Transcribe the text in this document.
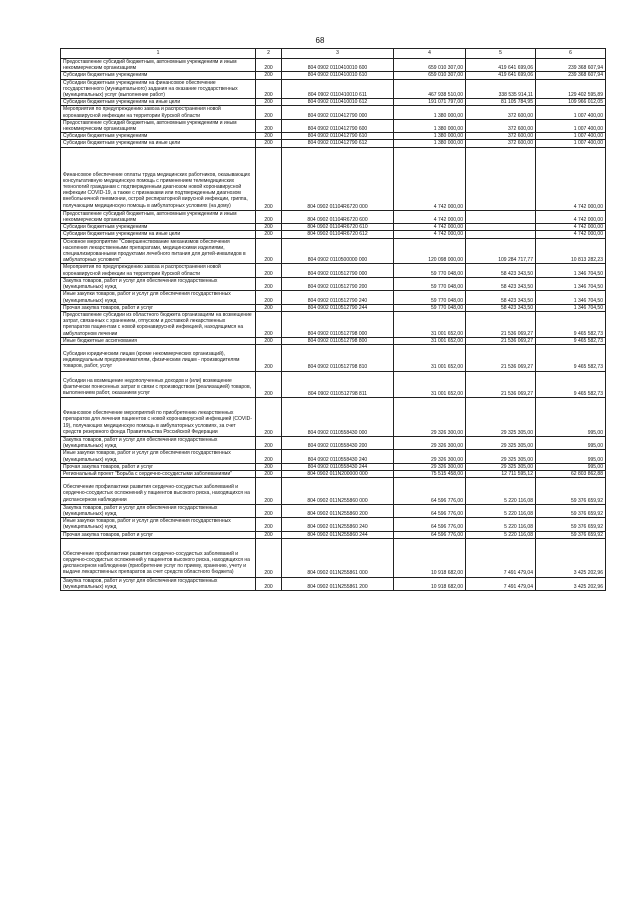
68
1	2	3	4	5	6
Предоставление субсидий бюджетным, автономным учреждениям и иным некоммерческим организациям	200	804 0902 0110410010 600	659 010 307,00	419 641 699,06	239 368 607,94
Субсидии бюджетным учреждениям	200	804 0902 0110410010 610	659 010 307,00	419 641 699,06	239 368 607,94
Субсидии бюджетным учреждениям на финансовое обеспечение государственного (муниципального) задания на оказание государственных (муниципальных) услуг (выполнение работ)	200	804 0902 0110410010 611	467 938 510,00	338 535 914,11	129 402 595,89
Субсидии бюджетным учреждениям на иные цели	200	804 0902 0110410010 612	191 071 797,00	81 105 784,95	109 966 012,05
Мероприятия по предупреждению завоза и распространения новой коронавирусной инфекции на территории Курской области	200	804 0902 0110412790 000	1 380 000,00	372 600,00	1 007 400,00
Предоставление субсидий бюджетным, автономным учреждениям и иным некоммерческим организациям	200	804 0902 0110412790 600	1 380 000,00	372 600,00	1 007 400,00
Субсидии бюджетным учреждениям	200	804 0902 0110412790 610	1 380 000,00	372 600,00	1 007 400,00
Субсидии бюджетным учреждениям на иные цели	200	804 0902 0110412790 612	1 380 000,00	372 600,00	1 007 400,00
Финансовое обеспечение оплаты труда медицинских работников, оказывающих консультативную медицинскую помощь с применением телемедицинских технологий гражданам с подтвержденным диагнозом новой коронавирусной инфекции COVID-19, а также с признаками или подтвержденным диагнозом внебольничной пневмонии, острой респираторной вирусной инфекции, гриппа, получающим медицинскую помощь в амбулаторных условиях (на дому)	200	804 0902 01104R6720 000	4 742 000,00		4 742 000,00
Предоставление субсидий бюджетным, автономным учреждениям и иным некоммерческим организациям	200	804 0902 01104R6720 600	4 742 000,00		4 742 000,00
Субсидии бюджетным учреждениям	200	804 0902 01104R6720 610	4 742 000,00		4 742 000,00
Субсидии бюджетным учреждениям на иные цели	200	804 0902 01104R6720 612	4 742 000,00		4 742 000,00
Основное мероприятие "Совершенствование механизмов обеспечения населения лекарственными препаратами, медицинскими изделиями, специализированными продуктами лечебного питания для детей-инвалидов в амбулаторных условиях"	200	804 0902 0110500000 000	120 098 000,00	109 284 717,77	10 813 282,23
Мероприятия по предупреждению завоза и распространения новой коронавирусной инфекции на территории Курской области	200	804 0902 0110512790 000	59 770 048,00	58 423 343,50	1 346 704,50
Закупка товаров, работ и услуг для обеспечения государственных (муниципальных) нужд	200	804 0902 0110512790 200	59 770 048,00	58 423 343,50	1 346 704,50
Иные закупки товаров, работ и услуг для обеспечения государственных (муниципальных) нужд	200	804 0902 0110512790 240	59 770 048,00	58 423 343,50	1 346 704,50
Прочая закупка товаров, работ и услуг	200	804 0902 0110512790 244	59 770 048,00	58 423 343,50	1 346 704,50
Предоставление субсидии из областного бюджета организациям на возмещение затрат, связанных с хранением, отпуском и доставкой лекарственных препаратов пациентам с новой коронавирусной инфекцией, находящимся на амбулаторном лечении	200	804 0902 0110512798 000	31 001 652,00	21 536 069,27	9 465 582,73
Иные бюджетные ассигнования	200	804 0902 0110512798 800	31 001 652,00	21 536 069,27	9 465 582,73
Субсидии юридическим лицам (кроме некоммерческих организаций), индивидуальным предпринимателям, физическим лицам - производителям товаров, работ, услуг	200	804 0902 0110512798 810	31 001 652,00	21 536 069,27	9 465 582,73
Субсидии на возмещение недополученных доходов и (или) возмещение фактически понесенных затрат в связи с производством (реализацией) товаров, выполнением работ, оказанием услуг	200	804 0902 0110512798 811	31 001 652,00	21 536 069,27	9 465 582,73
Финансовое обеспечение мероприятий по приобретению лекарственных препаратов для лечения пациентов с новой коронавирусной инфекцией (COVID-19), получающих медицинскую помощь в амбулаторных условиях, за счет средств резервного фонда Правительства Российской Федерации	200	804 0902 0110558430 000	29 326 300,00	29 325 305,00	995,00
Закупка товаров, работ и услуг для обеспечения государственных (муниципальных) нужд	200	804 0902 0110558430 200	29 326 300,00	29 325 305,00	995,00
Иные закупки товаров, работ и услуг для обеспечения государственных (муниципальных) нужд	200	804 0902 0110558430 240	29 326 300,00	29 325 305,00	995,00
Прочая закупка товаров, работ и услуг	200	804 0902 0110558430 244	29 326 300,00	29 325 305,00	995,00
Региональный проект "Борьба с сердечно-сосудистыми заболеваниями"	200	804 0902 011N200000 000	75 515 458,00	12 711 595,12	62 803 862,88
Обеспечение профилактики развития сердечно-сосудистых заболеваний и сердечно-сосудистых осложнений у пациентов высокого риска, находящихся на диспансерном наблюдении	200	804 0902 011N255860 000	64 596 776,00	5 220 116,08	59 376 659,92
Закупка товаров, работ и услуг для обеспечения государственных (муниципальных) нужд	200	804 0902 011N255860 200	64 596 776,00	5 220 116,08	59 376 659,92
Иные закупки товаров, работ и услуг для обеспечения государственных (муниципальных) нужд	200	804 0902 011N255860 240	64 596 776,00	5 220 116,08	59 376 659,92
Прочая закупка товаров, работ и услуг	200	804 0902 011N255860 244	64 596 776,00	5 220 116,08	59 376 659,92
Обеспечение профилактики развития сердечно-сосудистых заболеваний и сердечно-сосудистых осложнений у пациентов высокого риска, находящихся на диспансерном наблюдении (приобретение услуг по приему, хранению, учету и выдаче лекарственных препаратов за счет средств областного бюджета)	200	804 0902 011N255861 000	10 918 682,00	7 491 479,04	3 425 202,96
Закупка товаров, работ и услуг для обеспечения государственных (муниципальных) нужд	200	804 0902 011N255861 200	10 918 682,00	7 491 479,04	3 425 202,96
